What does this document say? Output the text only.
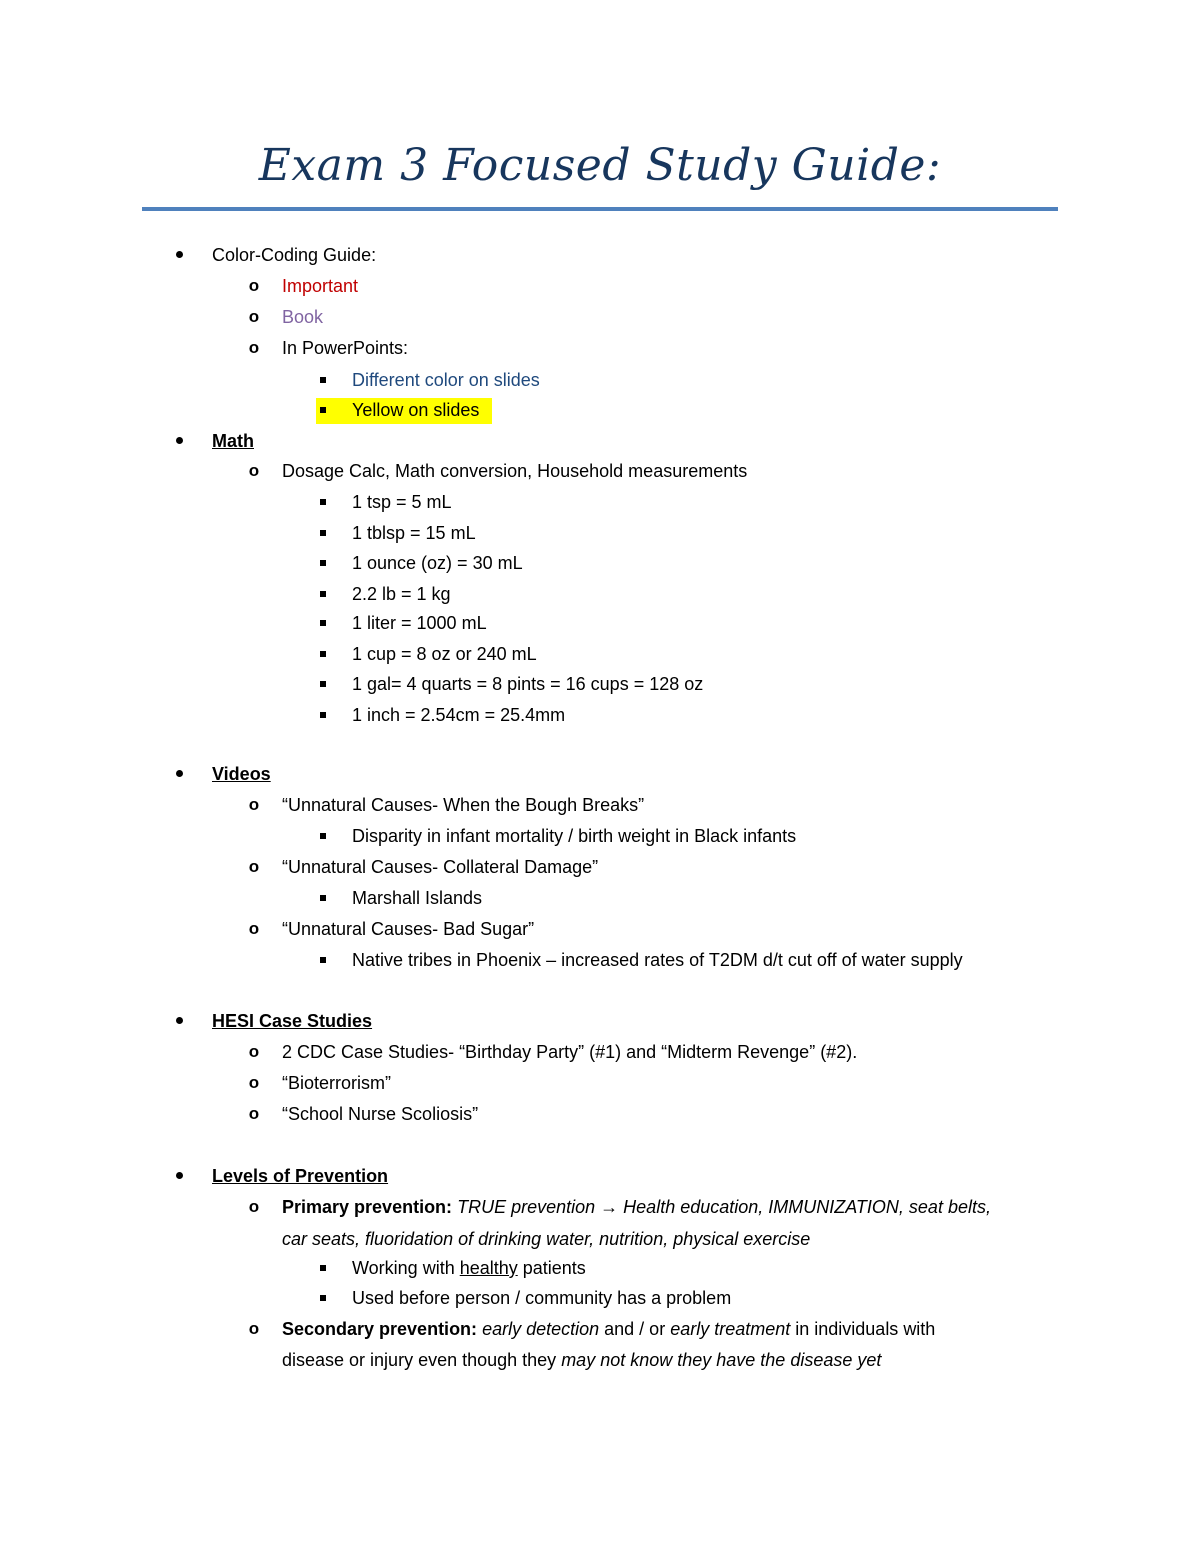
Exam 3 Focused Study Guide:
Color-Coding Guide:
o Important
o Book
o In PowerPoints:
Different color on slides
Yellow on slides
Math
o Dosage Calc, Math conversion, Household measurements
1 tsp = 5 mL
1 tblsp = 15 mL
1 ounce (oz) = 30 mL
2.2 lb = 1 kg
1 liter = 1000 mL
1 cup = 8 oz or 240 mL
1 gal= 4 quarts = 8 pints = 16 cups = 128 oz
1 inch = 2.54cm = 25.4mm
Videos
o “Unnatural Causes- When the Bough Breaks”
Disparity in infant mortality / birth weight in Black infants
o “Unnatural Causes- Collateral Damage”
Marshall Islands
o “Unnatural Causes- Bad Sugar”
Native tribes in Phoenix – increased rates of T2DM d/t cut off of water supply
HESI Case Studies
o 2 CDC Case Studies- “Birthday Party” (#1) and “Midterm Revenge” (#2).
o “Bioterrorism”
o “School Nurse Scoliosis”
Levels of Prevention
o Primary prevention: TRUE prevention → Health education, IMMUNIZATION, seat belts,
car seats, fluoridation of drinking water, nutrition, physical exercise
Working with healthy patients
Used before person / community has a problem
o Secondary prevention: early detection and / or early treatment in individuals with
disease or injury even though they may not know they have the disease yet
